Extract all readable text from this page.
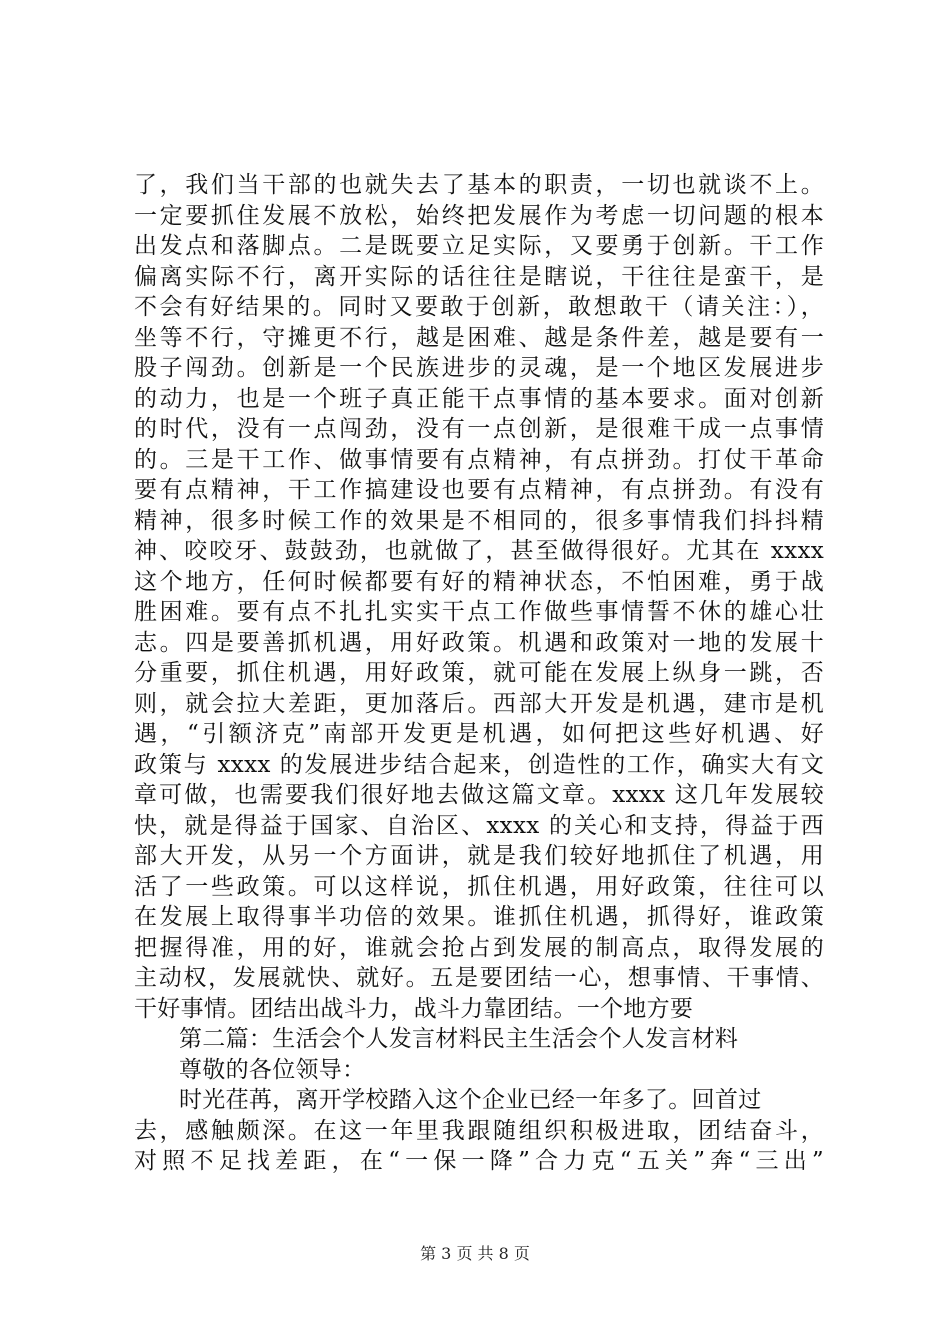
了，我们当干部的也就失去了基本的职责，一切也就谈不上。
一定要抓住发展不放松，始终把发展作为考虑一切问题的根本
出发点和落脚点。二是既要立足实际，又要勇于创新。干工作
偏离实际不行，离开实际的话往往是瞎说，干往往是蛮干，是
不会有好结果的。同时又要敢于创新，敢想敢干（请关注：），
坐等不行，守摊更不行，越是困难、越是条件差，越是要有一
股子闯劲。创新是一个民族进步的灵魂，是一个地区发展进步
的动力，也是一个班子真正能干点事情的基本要求。面对创新
的时代，没有一点闯劲，没有一点创新，是很难干成一点事情
的。三是干工作、做事情要有点精神，有点拼劲。打仗干革命
要有点精神，干工作搞建设也要有点精神，有点拼劲。有没有
精神，很多时候工作的效果是不相同的，很多事情我们抖抖精
神、咬咬牙、鼓鼓劲，也就做了，甚至做得很好。尤其在 xxxx
这个地方，任何时候都要有好的精神状态，不怕困难，勇于战
胜困难。要有点不扎扎实实干点工作做些事情誓不休的雄心壮
志。四是要善抓机遇，用好政策。机遇和政策对一地的发展十
分重要，抓住机遇，用好政策，就可能在发展上纵身一跳，否
则，就会拉大差距，更加落后。西部大开发是机遇，建市是机
遇，“引额济克”南部开发更是机遇，如何把这些好机遇、好
政策与 xxxx 的发展进步结合起来，创造性的工作，确实大有文
章可做，也需要我们很好地去做这篇文章。xxxx 这几年发展较
快，就是得益于国家、自治区、xxxx 的关心和支持，得益于西
部大开发，从另一个方面讲，就是我们较好地抓住了机遇，用
活了一些政策。可以这样说，抓住机遇，用好政策，往往可以
在发展上取得事半功倍的效果。谁抓住机遇，抓得好，谁政策
把握得准，用的好，谁就会抢占到发展的制高点，取得发展的
主动权，发展就快、就好。五是要团结一心，想事情、干事情、
干好事情。团结出战斗力，战斗力靠团结。一个地方要
第二篇：生活会个人发言材料民主生活会个人发言材料
尊敬的各位领导：
时光荏苒，离开学校踏入这个企业已经一年多了。回首过
去，感触颇深。在这一年里我跟随组织积极进取，团结奋斗，
对照不足找差距，在“一保一降”合力克“五关”奔“三出”
第 3 页 共 8 页
